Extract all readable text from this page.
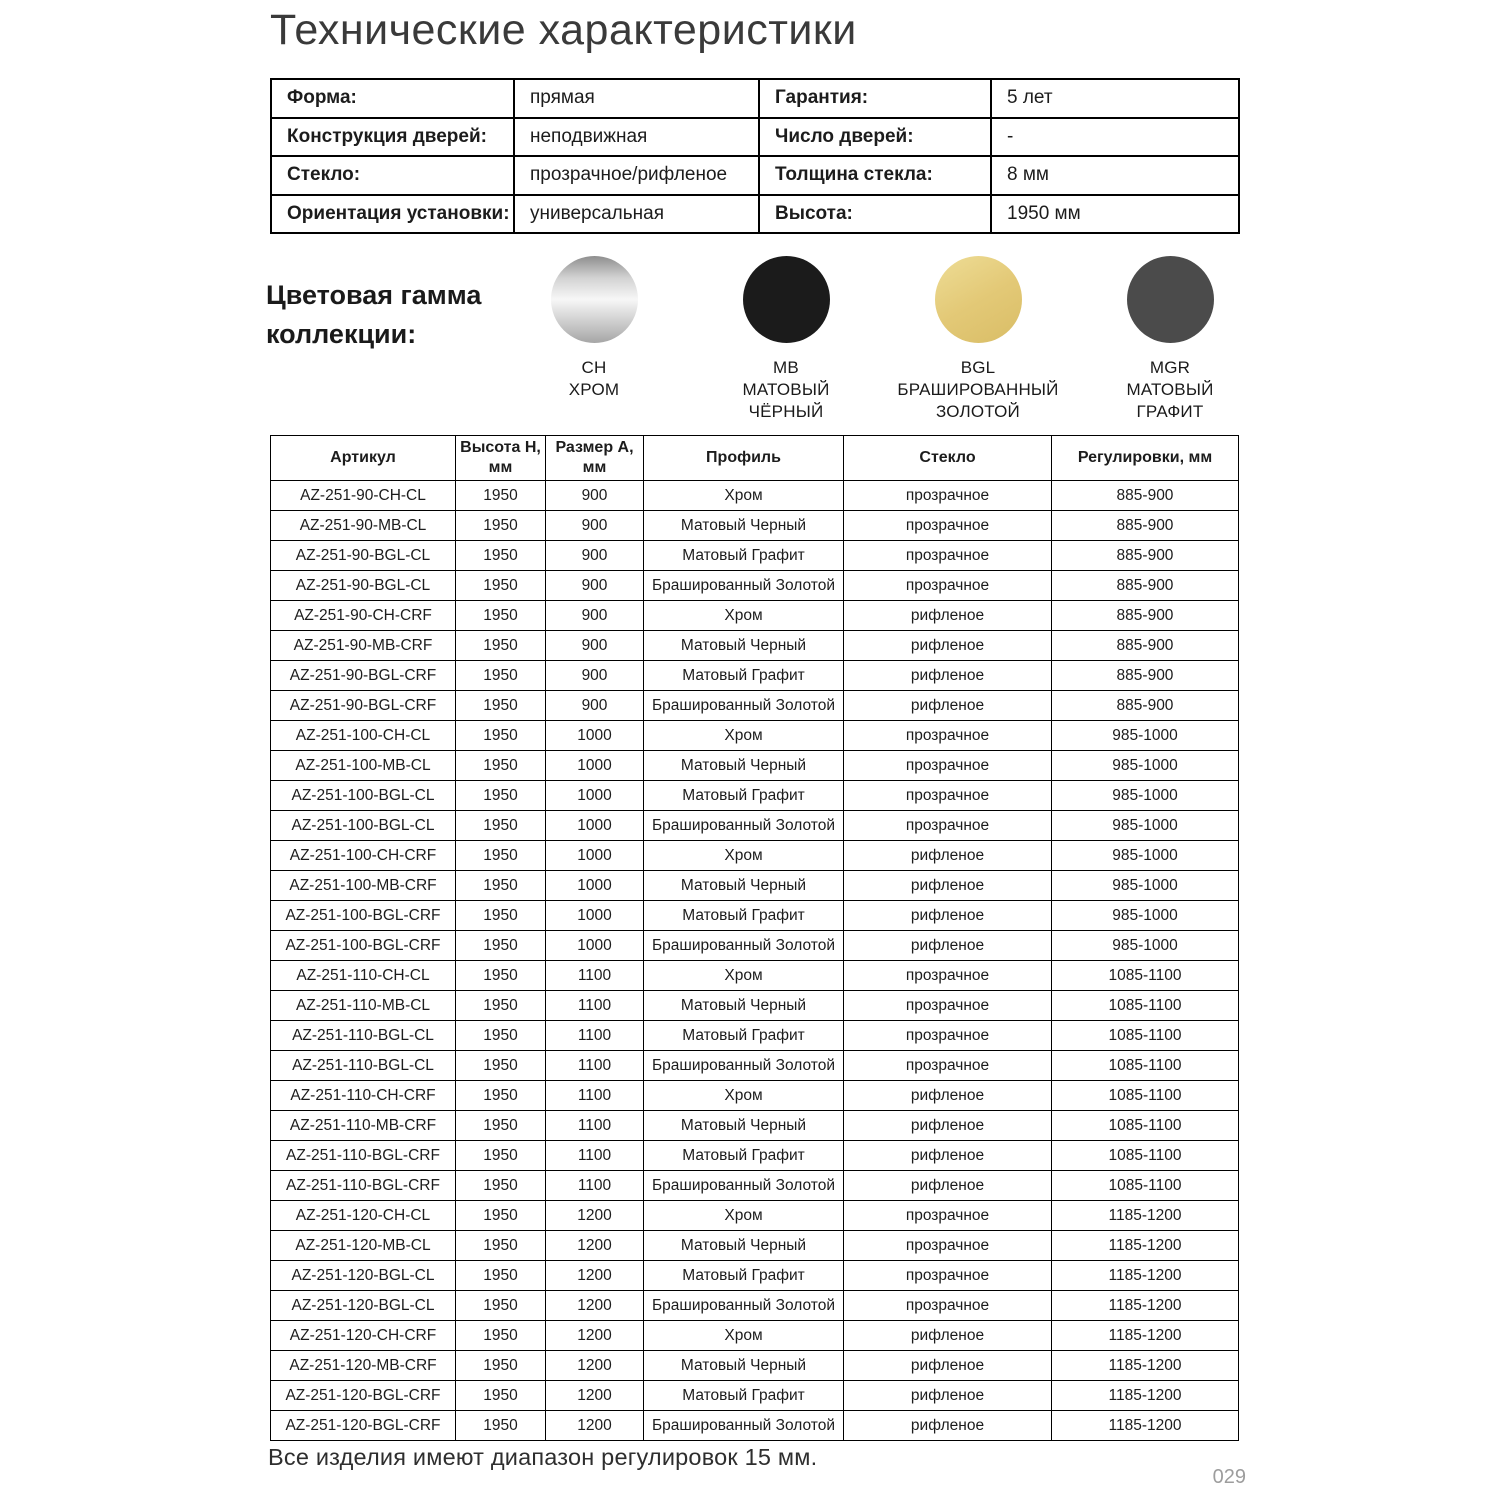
Технические характеристики
Форма:	прямая	Гарантия:	5 лет
Конструкция дверей:	неподвижная	Число дверей:	-
Стекло:	прозрачное/рифленое	Толщина стекла:	8 мм
Ориентация установки:	универсальная	Высота:	1950 мм
Цветовая гамма
коллекции:
CH
ХРОМ
MB
МАТОВЫЙ
ЧЁРНЫЙ
BGL
БРАШИРОВАННЫЙ
ЗОЛОТОЙ
MGR
МАТОВЫЙ
ГРАФИТ
Артикул	Высота H, мм	Размер A, мм	Профиль	Стекло	Регулировки, мм
AZ-251-90-CH-CL	1950	900	Хром	прозрачное	885-900
AZ-251-90-MB-CL	1950	900	Матовый Черный	прозрачное	885-900
AZ-251-90-BGL-CL	1950	900	Матовый Графит	прозрачное	885-900
AZ-251-90-BGL-CL	1950	900	Брашированный Золотой	прозрачное	885-900
AZ-251-90-CH-CRF	1950	900	Хром	рифленое	885-900
AZ-251-90-MB-CRF	1950	900	Матовый Черный	рифленое	885-900
AZ-251-90-BGL-CRF	1950	900	Матовый Графит	рифленое	885-900
AZ-251-90-BGL-CRF	1950	900	Брашированный Золотой	рифленое	885-900
AZ-251-100-CH-CL	1950	1000	Хром	прозрачное	985-1000
AZ-251-100-MB-CL	1950	1000	Матовый Черный	прозрачное	985-1000
AZ-251-100-BGL-CL	1950	1000	Матовый Графит	прозрачное	985-1000
AZ-251-100-BGL-CL	1950	1000	Брашированный Золотой	прозрачное	985-1000
AZ-251-100-CH-CRF	1950	1000	Хром	рифленое	985-1000
AZ-251-100-MB-CRF	1950	1000	Матовый Черный	рифленое	985-1000
AZ-251-100-BGL-CRF	1950	1000	Матовый Графит	рифленое	985-1000
AZ-251-100-BGL-CRF	1950	1000	Брашированный Золотой	рифленое	985-1000
AZ-251-110-CH-CL	1950	1100	Хром	прозрачное	1085-1100
AZ-251-110-MB-CL	1950	1100	Матовый Черный	прозрачное	1085-1100
AZ-251-110-BGL-CL	1950	1100	Матовый Графит	прозрачное	1085-1100
AZ-251-110-BGL-CL	1950	1100	Брашированный Золотой	прозрачное	1085-1100
AZ-251-110-CH-CRF	1950	1100	Хром	рифленое	1085-1100
AZ-251-110-MB-CRF	1950	1100	Матовый Черный	рифленое	1085-1100
AZ-251-110-BGL-CRF	1950	1100	Матовый Графит	рифленое	1085-1100
AZ-251-110-BGL-CRF	1950	1100	Брашированный Золотой	рифленое	1085-1100
AZ-251-120-CH-CL	1950	1200	Хром	прозрачное	1185-1200
AZ-251-120-MB-CL	1950	1200	Матовый Черный	прозрачное	1185-1200
AZ-251-120-BGL-CL	1950	1200	Матовый Графит	прозрачное	1185-1200
AZ-251-120-BGL-CL	1950	1200	Брашированный Золотой	прозрачное	1185-1200
AZ-251-120-CH-CRF	1950	1200	Хром	рифленое	1185-1200
AZ-251-120-MB-CRF	1950	1200	Матовый Черный	рифленое	1185-1200
AZ-251-120-BGL-CRF	1950	1200	Матовый Графит	рифленое	1185-1200
AZ-251-120-BGL-CRF	1950	1200	Брашированный Золотой	рифленое	1185-1200
Все изделия имеют диапазон регулировок 15 мм.
029
